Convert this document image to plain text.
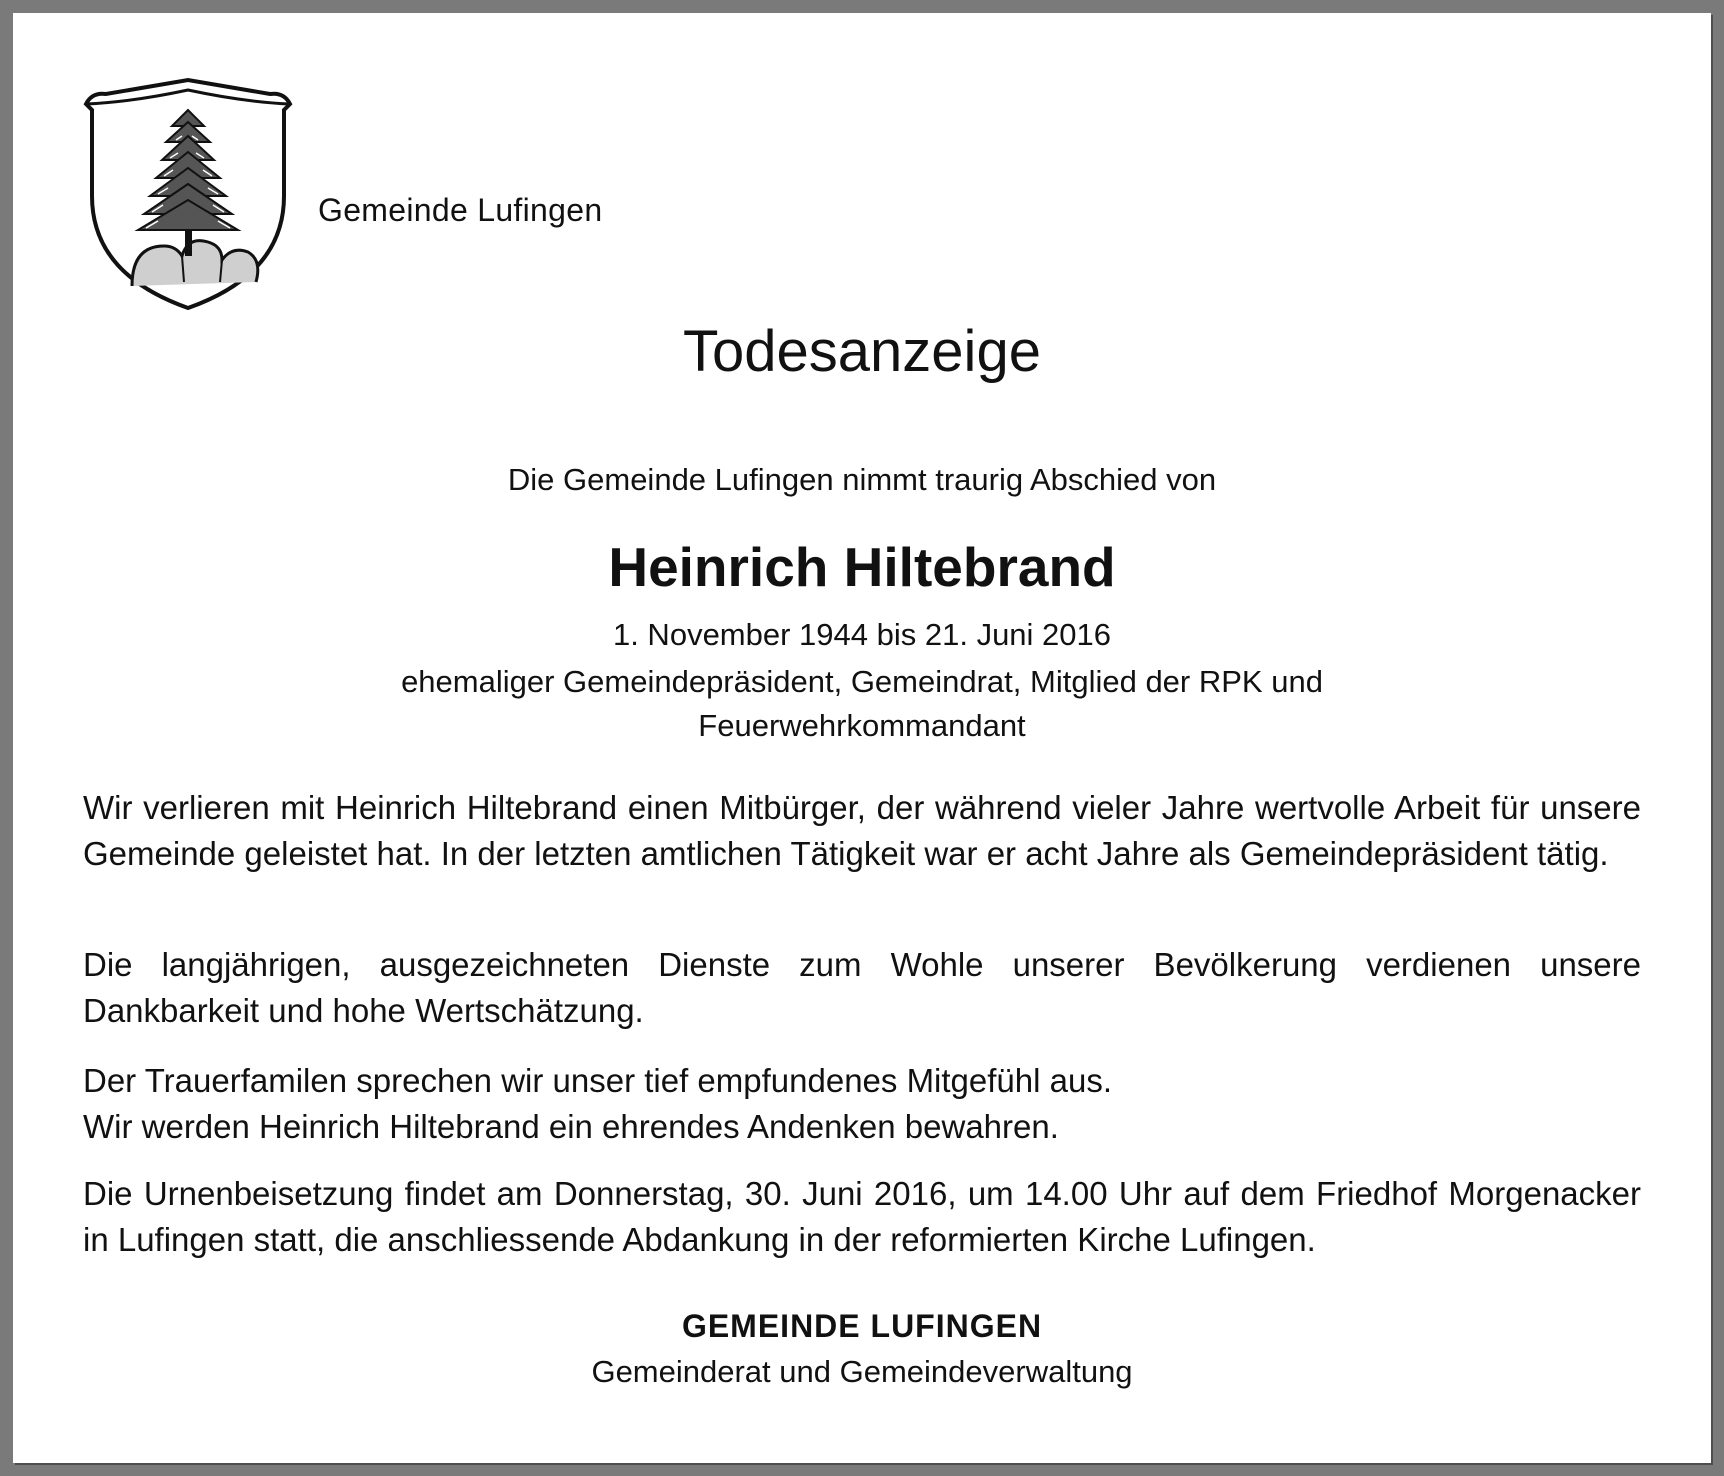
Gemeinde Lufingen
Todesanzeige
Die Gemeinde Lufingen nimmt traurig Abschied von
Heinrich Hiltebrand
1. November 1944 bis 21. Juni 2016
ehemaliger Gemeindepräsident, Gemeindrat, Mitglied der RPK und Feuerwehrkommandant
Wir verlieren mit Heinrich Hiltebrand einen Mitbürger, der während vieler Jahre wertvolle Arbeit für unsere Gemeinde geleistet hat. In der letzten amtlichen Tätigkeit war er acht Jahre als Gemeindepräsident tätig.
Die langjährigen, ausgezeichneten Dienste zum Wohle unserer Bevölkerung verdienen unsere Dankbarkeit und hohe Wertschätzung.
Der Trauerfamilen sprechen wir unser tief empfundenes Mitgefühl aus.
Wir werden Heinrich Hiltebrand ein ehrendes Andenken bewahren.
Die Urnenbeisetzung findet am Donnerstag, 30. Juni 2016, um 14.00 Uhr auf dem Friedhof Morgenacker in Lufingen statt, die anschliessende Abdankung in der reformierten Kirche Lufingen.
GEMEINDE LUFINGEN
Gemeinderat und Gemeindeverwaltung
